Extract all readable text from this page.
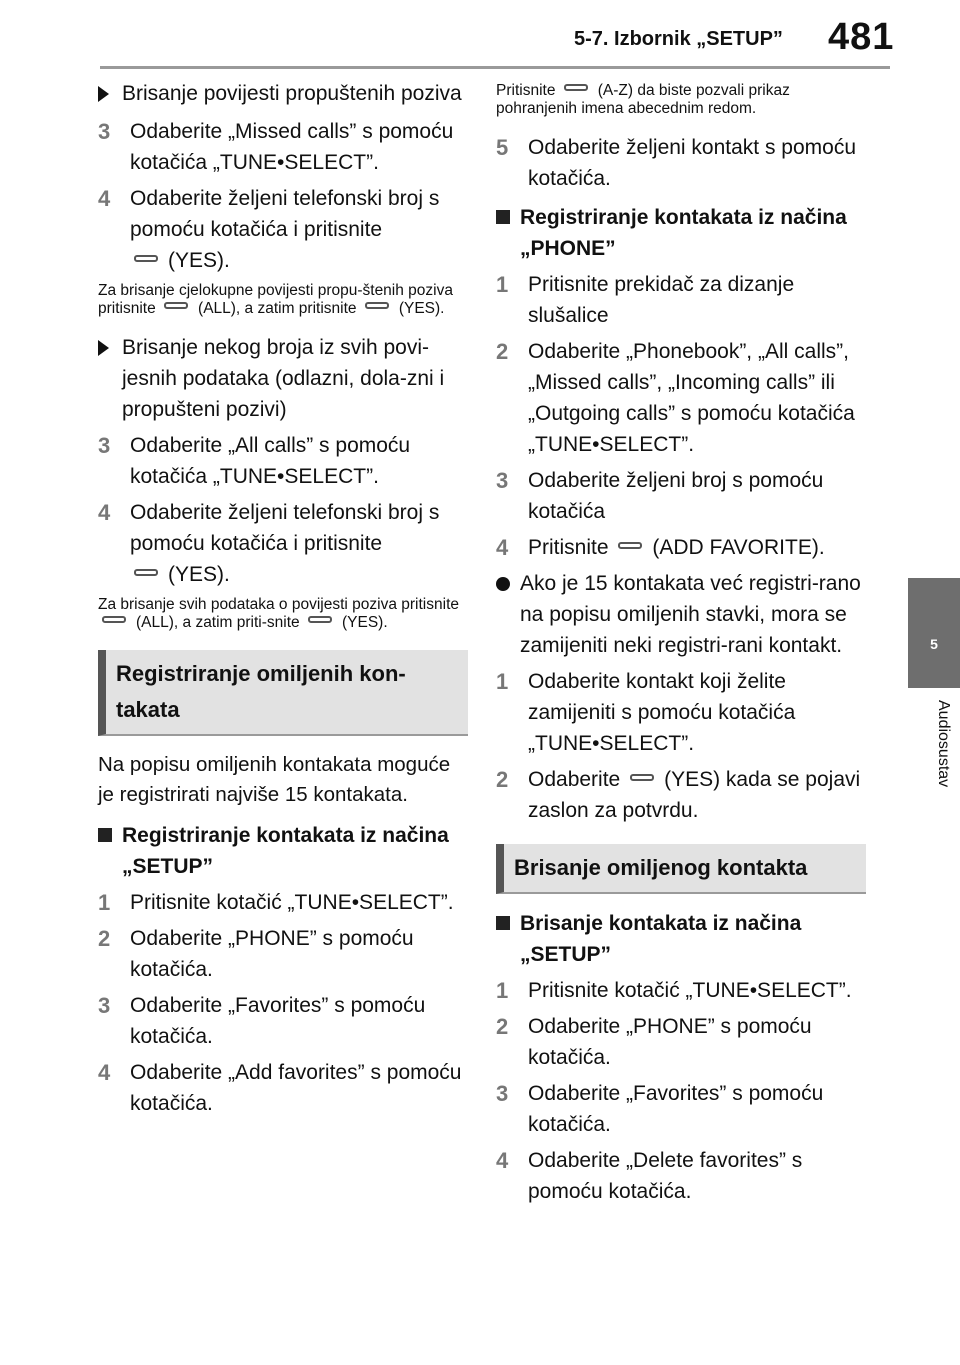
5-7. Izbornik „SETUP” 481
5
Audiosustav
Brisanje povijesti propuštenih poziva
3 Odaberite „Missed calls” s pomoću kotačića „TUNE•SELECT”.
4 Odaberite željeni telefonski broj s pomoću kotačića i pritisnite
(YES).
Za brisanje cjelokupne povijesti propu-štenih poziva pritisnite	(ALL), a zatim pritisnite	(YES).
Brisanje nekog broja iz svih povi-jesnih podataka (odlazni, dola-zni i propušteni pozivi)
3 Odaberite „All calls” s pomoću kotačića „TUNE•SELECT”.
4 Odaberite željeni telefonski broj s pomoću kotačića i pritisnite
(YES).
Za brisanje svih podataka o povijesti poziva pritisnite (ALL), a zatim priti-snite	(YES).
Registriranje omiljenih kon-takata
Na popisu omiljenih kontakata moguće je registrirati najviše 15 kontakata.
Registriranje kontakata iz načina „SETUP”
1 Pritisnite kotačić „TUNE•SELECT”.
2 Odaberite „PHONE” s pomoću kotačića.
3 Odaberite „Favorites” s pomoću kotačića.
4 Odaberite „Add favorites” s pomoću kotačića.
Pritisnite	(A-Z) da biste pozvali prikaz pohranjenih imena abecednim redom.
5 Odaberite željeni kontakt s pomoću kotačića.
Registriranje kontakata iz načina „PHONE”
1 Pritisnite prekidač za dizanje slušalice
2 Odaberite „Phonebook”, „All calls”, „Missed calls”, „Incoming calls” ili „Outgoing calls” s pomoću kotačića „TUNE•SELECT”.
3 Odaberite željeni broj s pomoću kotačića
4 Pritisnite (ADD FAVORITE).
Ako je 15 kontakata već registri-rano na popisu omiljenih stavki, mora se zamijeniti neki registri-rani kontakt.
1 Odaberite kontakt koji želite zamijeniti s pomoću kotačića „TUNE•SELECT”.
2 Odaberite (YES) kada se pojavi zaslon za potvrdu.
Brisanje omiljenog kontakta
Brisanje kontakata iz načina „SETUP”
1 Pritisnite kotačić „TUNE•SELECT”.
2 Odaberite „PHONE” s pomoću kotačića.
3 Odaberite „Favorites” s pomoću kotačića.
4 Odaberite „Delete favorites” s pomoću kotačića.
